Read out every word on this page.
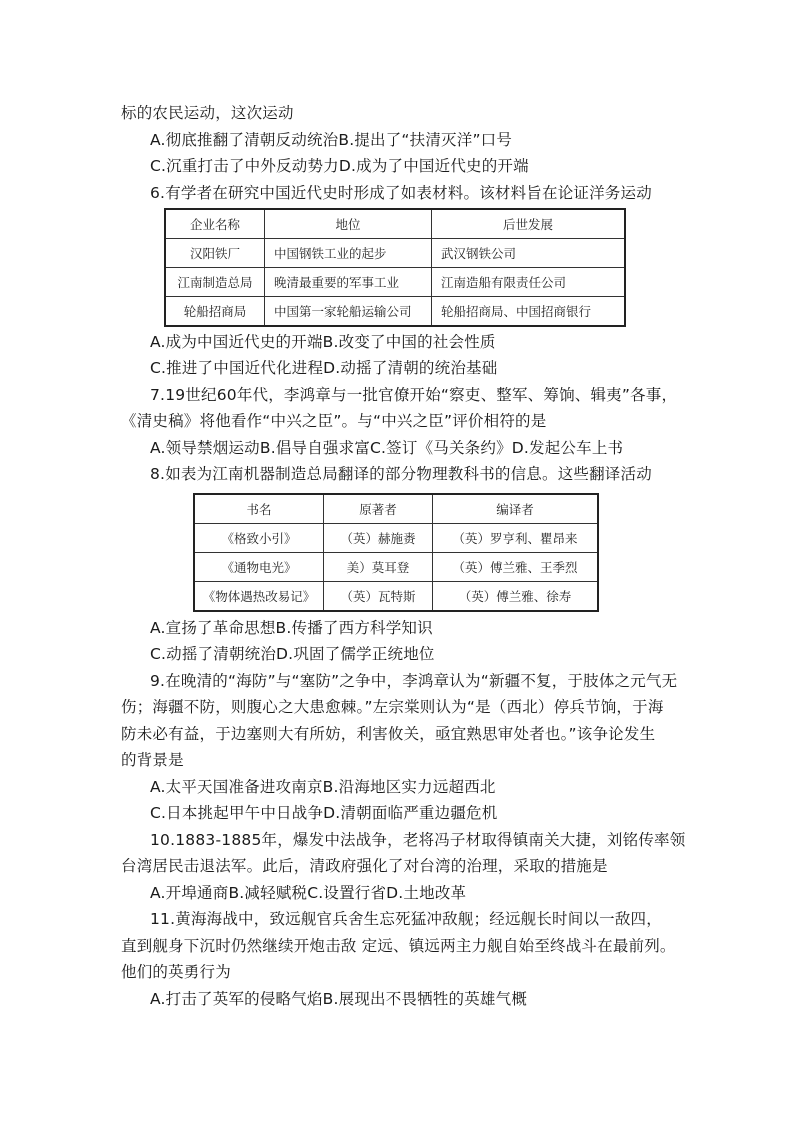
标的农民运动，这次运动
A.彻底推翻了清朝反动统治B.提出了“扶清灭洋”口号
C.沉重打击了中外反动势力D.成为了中国近代史的开端
6.有学者在研究中国近代史时形成了如表材料。该材料旨在论证洋务运动
企业名称	地位	后世发展
汉阳铁厂	中国钢铁工业的起步	武汉钢铁公司
江南制造总局	晚清最重要的军事工业	江南造船有限责任公司
轮船招商局	中国第一家轮船运输公司	轮船招商局、中国招商银行
A.成为中国近代史的开端B.改变了中国的社会性质
C.推进了中国近代化进程D.动摇了清朝的统治基础
7.19世纪60年代，李鸿章与一批官僚开始“察吏、整军、筹饷、辑夷”各事，
《清史稿》将他看作“中兴之臣”。与“中兴之臣”评价相符的是
A.领导禁烟运动B.倡导自强求富C.签订《马关条约》D.发起公车上书
8.如表为江南机器制造总局翻译的部分物理教科书的信息。这些翻译活动
书名	原著者	编译者
《格致小引》	（英）赫施赉	（英）罗亨利、瞿昂来
《通物电光》	美）莫耳登	（英）傅兰雅、王季烈
《物体遇热改易记》	（英）瓦特斯	（英）傅兰雅、徐寿
A.宣扬了革命思想B.传播了西方科学知识
C.动摇了清朝统治D.巩固了儒学正统地位
9.在晚清的“海防”与“塞防”之争中，李鸿章认为“新疆不复，于肢体之元气无
伤；海疆不防，则腹心之大患愈棘。”左宗棠则认为“是（西北）停兵节饷，于海
防未必有益，于边塞则大有所妨，利害攸关，亟宜熟思审处者也。”该争论发生
的背景是
A.太平天国准备进攻南京B.沿海地区实力远超西北
C.日本挑起甲午中日战争D.清朝面临严重边疆危机
10.1883-1885年，爆发中法战争，老将冯子材取得镇南关大捷，刘铭传率领
台湾居民击退法军。此后，清政府强化了对台湾的治理，采取的措施是
A.开埠通商B.减轻赋税C.设置行省D.土地改革
11.黄海海战中，致远舰官兵舍生忘死猛冲敌舰；经远舰长时间以一敌四，
直到舰身下沉时仍然继续开炮击敌 定远、镇远两主力舰自始至终战斗在最前列。
他们的英勇行为
A.打击了英军的侵略气焰B.展现出不畏牺牲的英雄气概
